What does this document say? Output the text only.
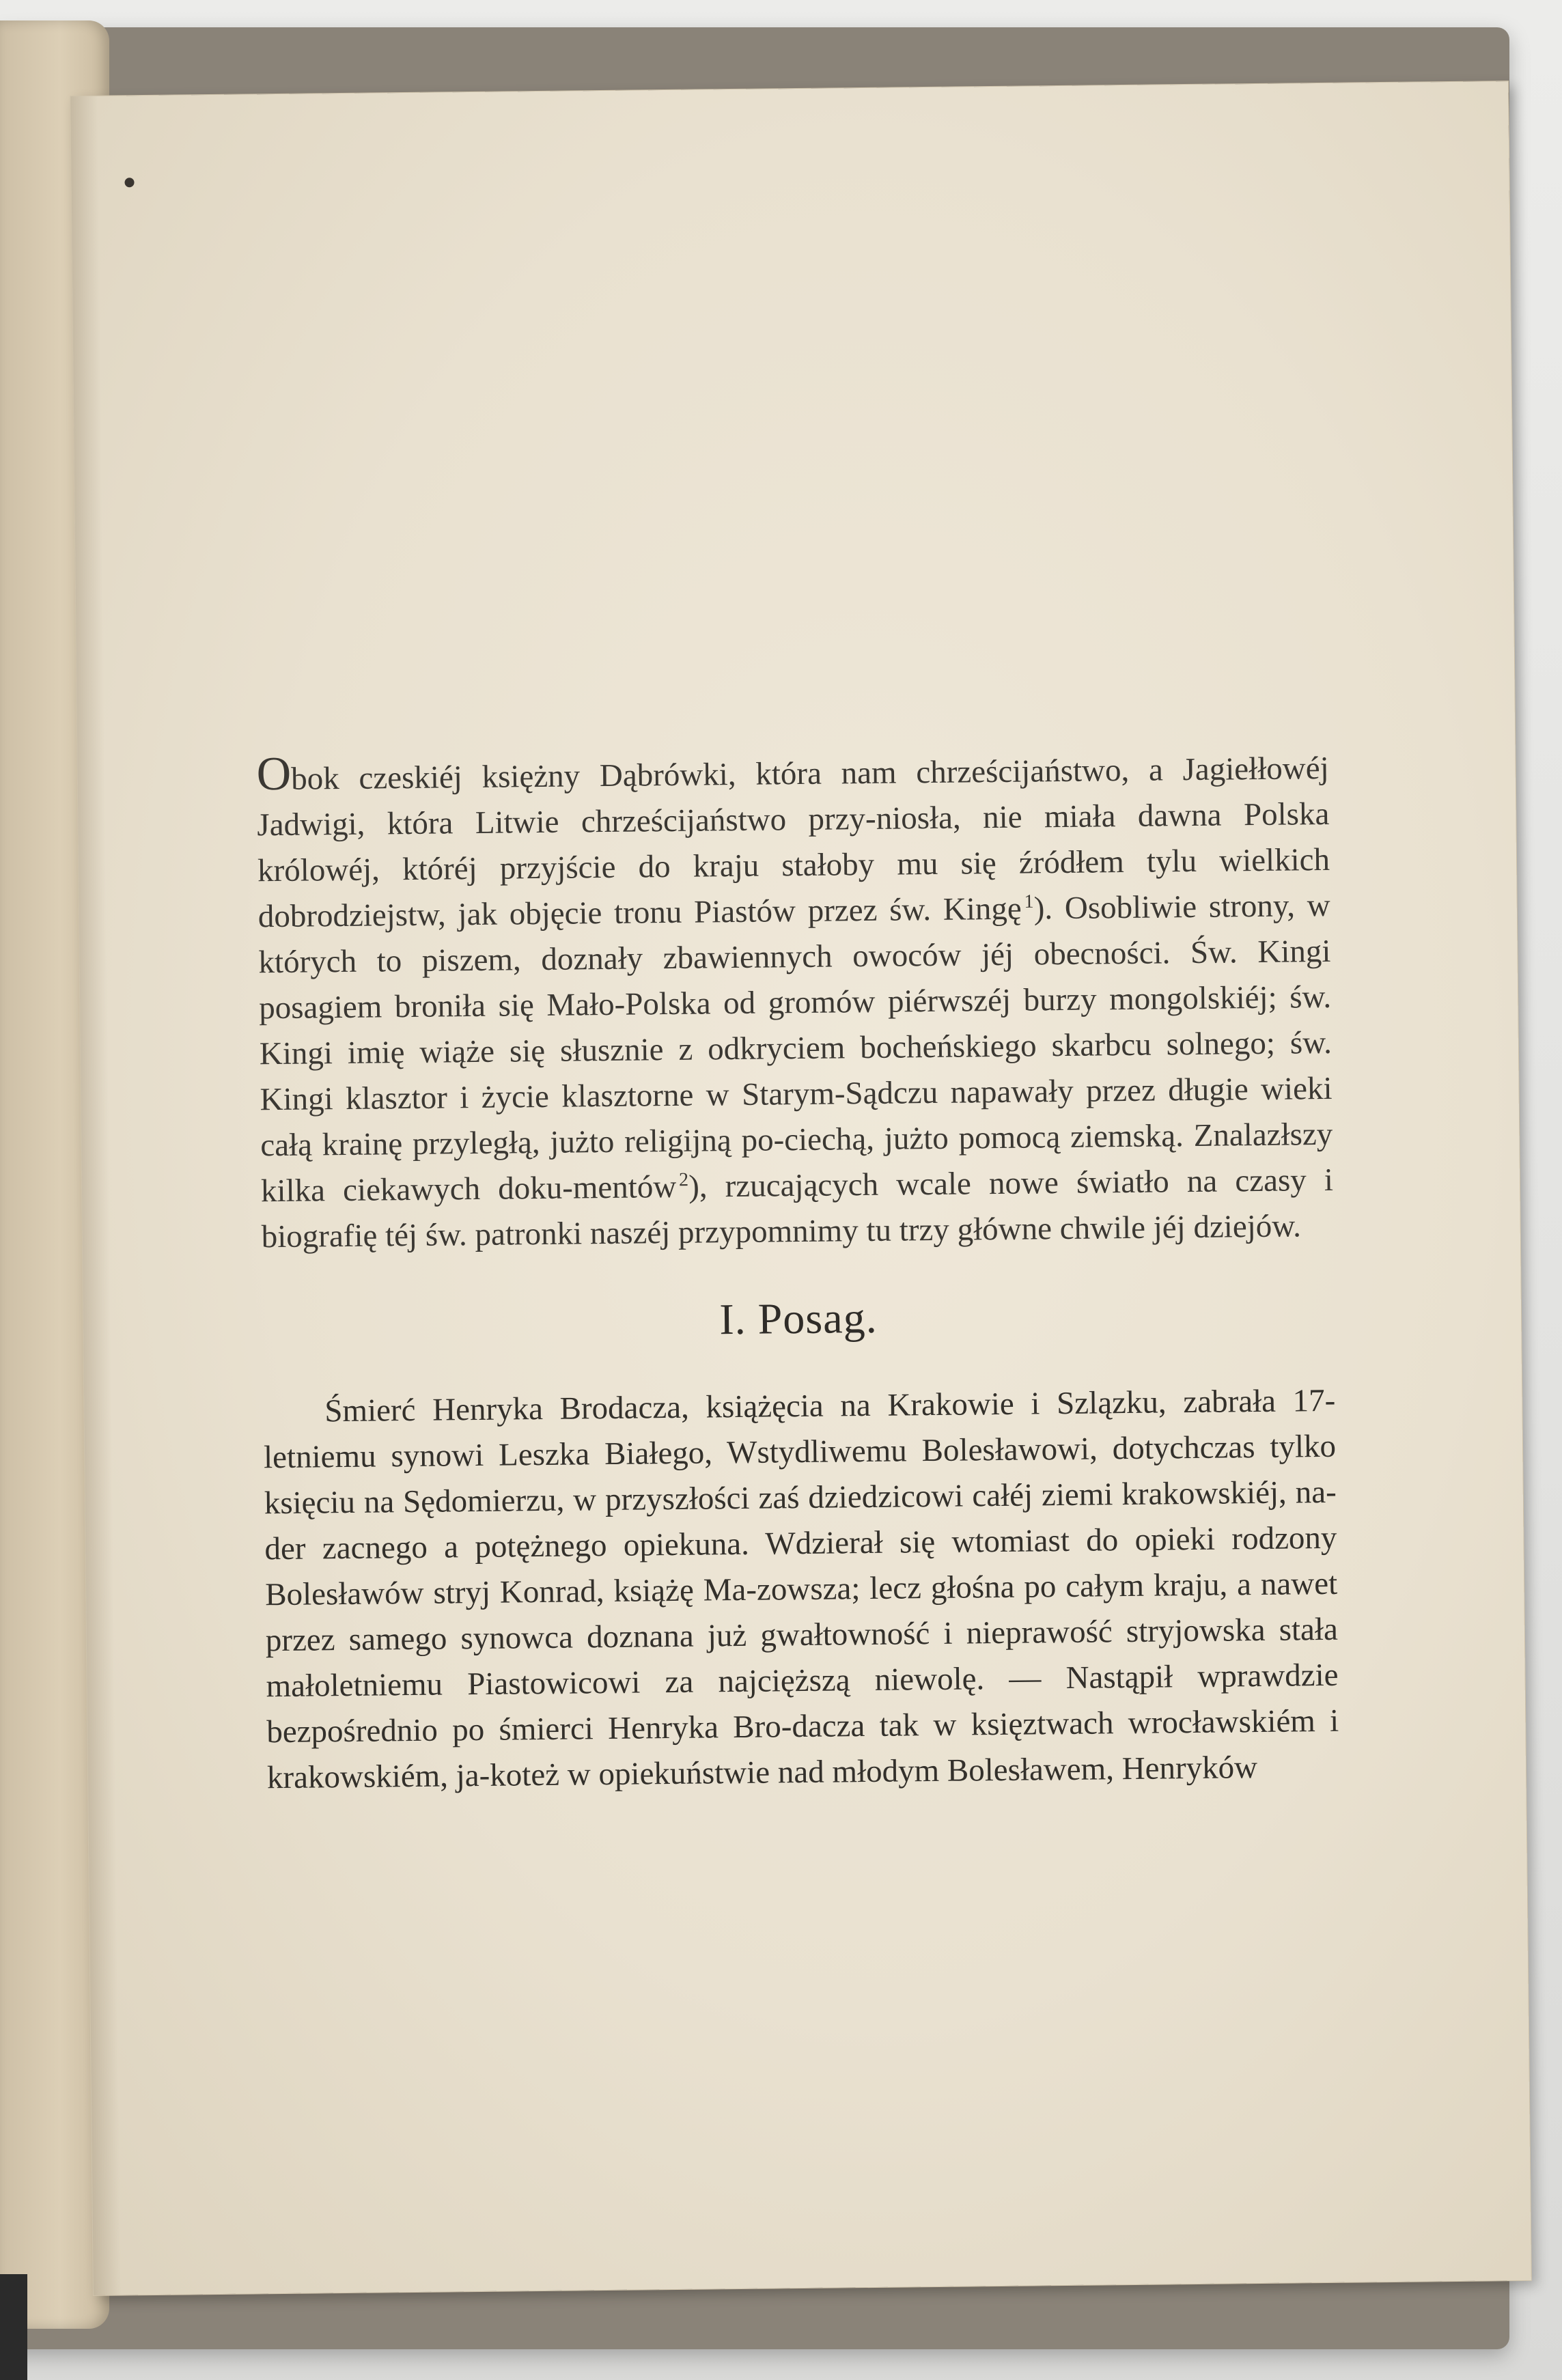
Obok czeskiéj księżny Dąbrówki, która nam chrześcijaństwo, a Jagiełłowéj Jadwigi, która Litwie chrześcijaństwo przy-niosła, nie miała dawna Polska królowéj, któréj przyjście do kraju stałoby mu się źródłem tylu wielkich dobrodziejstw, jak objęcie tronu Piastów przez św. Kingę  $^1$). Osobliwie strony, w których to piszem, doznały zbawiennych owoców jéj obecności. Św. Kingi posagiem broniła się Mało-Polska od gromów piérwszéj burzy mongolskiéj; św. Kingi imię wiąże się słusznie z odkryciem bocheńskiego skarbcu solnego; św. Kingi klasztor i życie klasztorne w Starym-Sądczu napawały przez długie wieki całą krainę przyległą, jużto religijną po-ciechą, jużto pomocą ziemską. Znalazłszy kilka ciekawych doku-mentów  $^2$), rzucających wcale nowe światło na czasy i biografię téj św. patronki naszéj przypomnimy tu trzy główne chwile jéj dziejów.

I. Posag.

Śmierć Henryka Brodacza, książęcia na Krakowie i Szlązku, zabrała 17-letniemu synowi Leszka Białego, Wstydliwemu Bolesławowi, dotychczas tylko księciu na Sędomierzu, w przyszłości zaś dziedzicowi całéj ziemi krakowskiéj, na-der zacnego a potężnego opiekuna. Wdzierał się wtomiast do opieki rodzony Bolesławów stryj Konrad, książę Ma-zowsza; lecz głośna po całym kraju, a nawet przez samego synowca doznana już gwałtowność i nieprawość stryjowska stała małoletniemu Piastowicowi za najcięższą niewolę. — Nastąpił wprawdzie bezpośrednio po śmierci Henryka Bro-dacza tak w księztwach wrocławskiém i krakowskiém, ja-koteż w opiekuństwie nad młodym Bolesławem, Henryków
